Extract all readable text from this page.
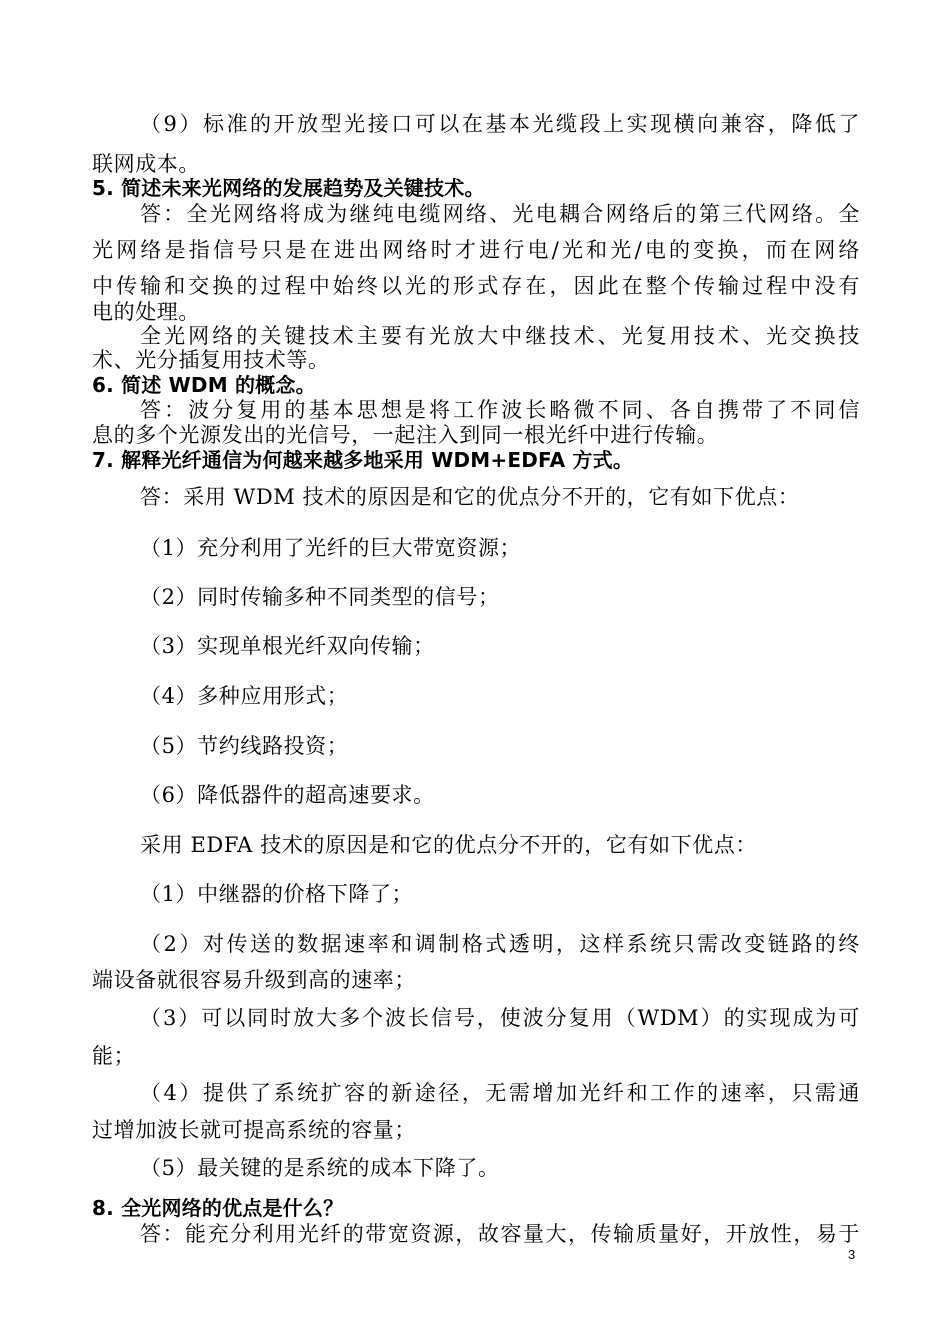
（9）标准的开放型光接口可以在基本光缆段上实现横向兼容，降低了
联网成本。
5. 简述未来光网络的发展趋势及关键技术。
答：全光网络将成为继纯电缆网络、光电耦合网络后的第三代网络。全
光网络是指信号只是在进出网络时才进行电/光和光/电的变换，而在网络
中传输和交换的过程中始终以光的形式存在，因此在整个传输过程中没有
电的处理。
全光网络的关键技术主要有光放大中继技术、光复用技术、光交换技
术、光分插复用技术等。
6. 简述 WDM 的概念。
答：波分复用的基本思想是将工作波长略微不同、各自携带了不同信
息的多个光源发出的光信号，一起注入到同一根光纤中进行传输。
7. 解释光纤通信为何越来越多地采用 WDM+EDFA 方式。
答：采用 WDM 技术的原因是和它的优点分不开的，它有如下优点：
（1）充分利用了光纤的巨大带宽资源；
（2）同时传输多种不同类型的信号；
（3）实现单根光纤双向传输；
（4）多种应用形式；
（5）节约线路投资；
（6）降低器件的超高速要求。
采用 EDFA 技术的原因是和它的优点分不开的，它有如下优点：
（1）中继器的价格下降了；
（2）对传送的数据速率和调制格式透明，这样系统只需改变链路的终
端设备就很容易升级到高的速率；
（3）可以同时放大多个波长信号，使波分复用（WDM）的实现成为可
能；
（4）提供了系统扩容的新途径，无需增加光纤和工作的速率，只需通
过增加波长就可提高系统的容量；
（5）最关键的是系统的成本下降了。
8. 全光网络的优点是什么？
答：能充分利用光纤的带宽资源，故容量大，传输质量好，开放性，易于
3
